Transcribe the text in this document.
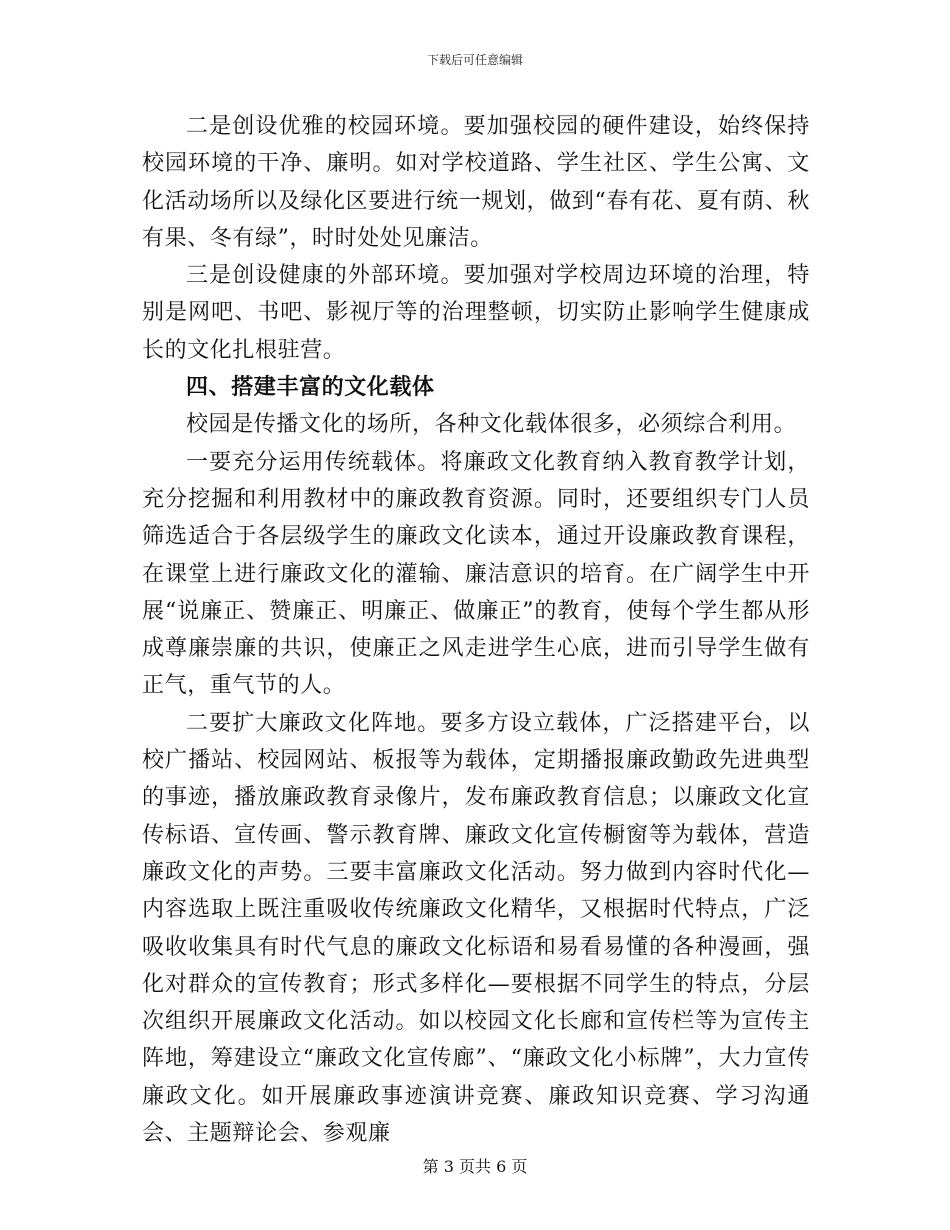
下载后可任意编辑

二是创设优雅的校园环境。要加强校园的硬件建设，始终保持校园环境的干净、廉明。如对学校道路、学生社区、学生公寓、文化活动场所以及绿化区要进行统一规划，做到“春有花、夏有荫、秋有果、冬有绿”，时时处处见廉洁。

三是创设健康的外部环境。要加强对学校周边环境的治理，特别是网吧、书吧、影视厅等的治理整顿，切实防止影响学生健康成长的文化扎根驻营。

四、搭建丰富的文化载体

校园是传播文化的场所，各种文化载体很多，必须综合利用。

一要充分运用传统载体。将廉政文化教育纳入教育教学计划，充分挖掘和利用教材中的廉政教育资源。同时，还要组织专门人员筛选适合于各层级学生的廉政文化读本，通过开设廉政教育课程，在课堂上进行廉政文化的灌输、廉洁意识的培育。在广阔学生中开展“说廉正、赞廉正、明廉正、做廉正”的教育，使每个学生都从形成尊廉崇廉的共识，使廉正之风走进学生心底，进而引导学生做有正气，重气节的人。

二要扩大廉政文化阵地。要多方设立载体，广泛搭建平台，以校广播站、校园网站、板报等为载体，定期播报廉政勤政先进典型的事迹，播放廉政教育录像片，发布廉政教育信息；以廉政文化宣传标语、宣传画、警示教育牌、廉政文化宣传橱窗等为载体，营造廉政文化的声势。三要丰富廉政文化活动。努力做到内容时代化—内容选取上既注重吸收传统廉政文化精华，又根据时代特点，广泛吸收收集具有时代气息的廉政文化标语和易看易懂的各种漫画，强化对群众的宣传教育；形式多样化—要根据不同学生的特点，分层次组织开展廉政文化活动。如以校园文化长廊和宣传栏等为宣传主阵地，筹建设立“廉政文化宣传廊”、“廉政文化小标牌”，大力宣传廉政文化。如开展廉政事迹演讲竞赛、廉政知识竞赛、学习沟通会、主题辩论会、参观廉

第 3 页共 6 页
